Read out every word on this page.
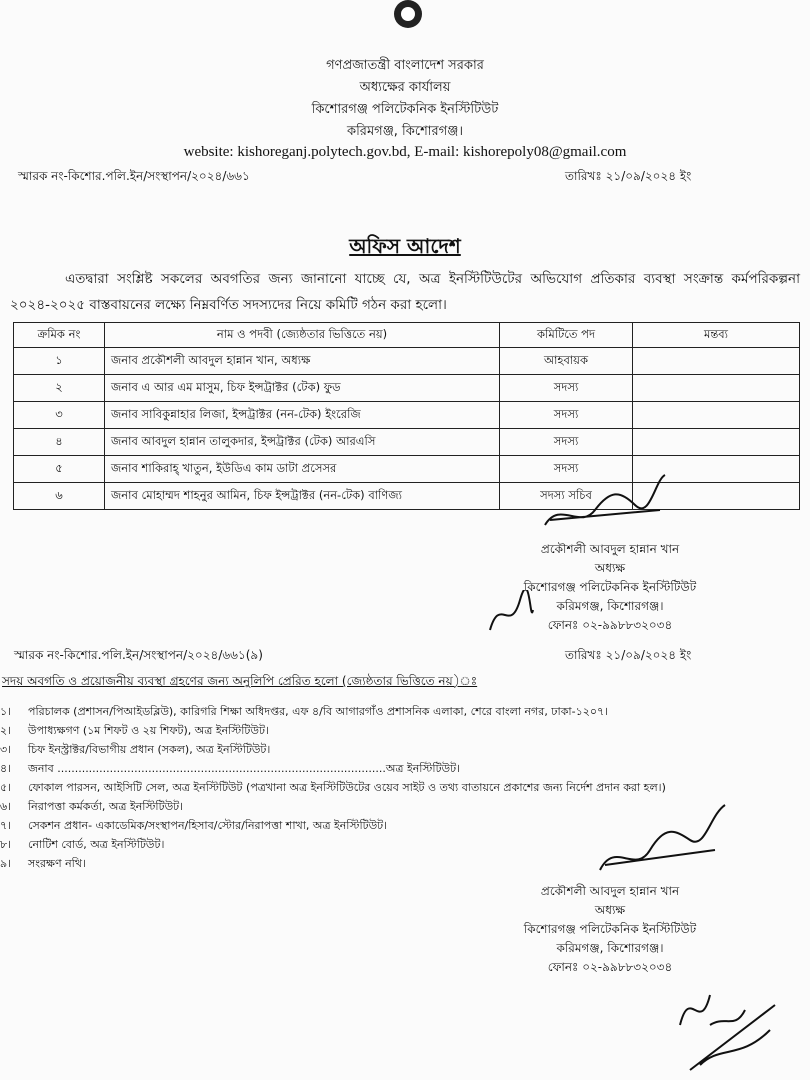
গণপ্রজাতন্ত্রী বাংলাদেশ সরকার
অধ্যক্ষের কার্যালয়
কিশোরগঞ্জ পলিটেকনিক ইনস্টিটিউট
করিমগঞ্জ, কিশোরগঞ্জ।
website: kishoreganj.polytech.gov.bd, E-mail: kishorepoly08@gmail.com
স্মারক নং-কিশোর.পলি.ইন/সংস্থাপন/২০২৪/৬৬১	তারিখঃ ২১/০৯/২০২৪ ইং
অফিস আদেশ
এতদ্বারা সংশ্লিষ্ট সকলের অবগতির জন্য জানানো যাচ্ছে যে, অত্র ইনস্টিটিউটের অভিযোগ প্রতিকার ব্যবস্থা সংক্রান্ত কর্মপরিকল্পনা ২০২৪-২০২৫ বাস্তবায়নের লক্ষ্যে নিম্নবর্ণিত সদস্যদের নিয়ে কমিটি গঠন করা হলো।
ক্রমিক নং	নাম ও পদবী (জ্যেষ্ঠতার ভিত্তিতে নয়)	কমিটিতে পদ	মন্তব্য
১	জনাব প্রকৌশলী আবদুল হান্নান খান, অধ্যক্ষ	আহবায়ক	
২	জনাব এ আর এম মাসুম, চিফ ইন্সট্রাক্টর (টেক) ফুড	সদস্য	
৩	জনাব সাবিকুন্নাহার লিজা, ইন্সট্রাক্টর (নন-টেক) ইংরেজি	সদস্য	
৪	জনাব আবদুল হান্নান তালুকদার, ইন্সট্রাক্টর (টেক) আরএসি	সদস্য	
৫	জনাব শাকিরাহ্ খাতুন, ইউডিএ কাম ডাটা প্রসেসর	সদস্য	
৬	জনাব মোহাম্মদ শাহনুর আমিন, চিফ ইন্সট্রাক্টর (নন-টেক) বাণিজ্য	সদস্য সচিব	
প্রকৌশলী আবদুল হান্নান খান
অধ্যক্ষ
কিশোরগঞ্জ পলিটেকনিক ইনস্টিটিউট
করিমগঞ্জ, কিশোরগঞ্জ।
ফোনঃ ০২-৯৯৮৮৩২০৩৪
স্মারক নং-কিশোর.পলি.ইন/সংস্থাপন/২০২৪/৬৬১(৯)	তারিখঃ ২১/০৯/২০২৪ ইং
সদয় অবগতি ও প্রয়োজনীয় ব্যবস্থা গ্রহণের জন্য অনুলিপি প্রেরিত হলো (জ্যেষ্ঠতার ভিত্তিতে নয়)ঃ
১। পরিচালক (প্রশাসন/পিআইডব্লিউ), কারিগরি শিক্ষা অধিদপ্তর, এফ ৪/বি আগারগাঁও প্রশাসনিক এলাকা, শেরে বাংলা নগর, ঢাকা-১২০৭।
২। উপাধ্যক্ষগণ (১ম শিফট ও ২য় শিফট), অত্র ইনস্টিটিউট।
৩। চিফ ইনস্ট্রাক্টর/বিভাগীয় প্রধান (সকল), অত্র ইনস্টিটিউট।
৪। জনাব ..............................................................................................অত্র ইনস্টিটিউট।
৫। ফোকাল পারসন, আইসিটি সেল, অত্র ইনস্টিটিউট (পত্রখানা অত্র ইনস্টিটিউটের ওয়েব সাইট ও তথ্য বাতায়নে প্রকাশের জন্য নির্দেশ প্রদান করা হল।)
৬। নিরাপত্তা কর্মকর্তা, অত্র ইনস্টিটিউট।
৭। সেকশন প্রধান- একাডেমিক/সংস্থাপন/হিসাব/স্টোর/নিরাপত্তা শাখা, অত্র ইনস্টিটিউট।
৮। নোটিশ বোর্ড, অত্র ইনস্টিটিউট।
৯। সংরক্ষণ নথি।
প্রকৌশলী আবদুল হান্নান খান
অধ্যক্ষ
কিশোরগঞ্জ পলিটেকনিক ইনস্টিটিউট
করিমগঞ্জ, কিশোরগঞ্জ।
ফোনঃ ০২-৯৯৮৮৩২০৩৪
